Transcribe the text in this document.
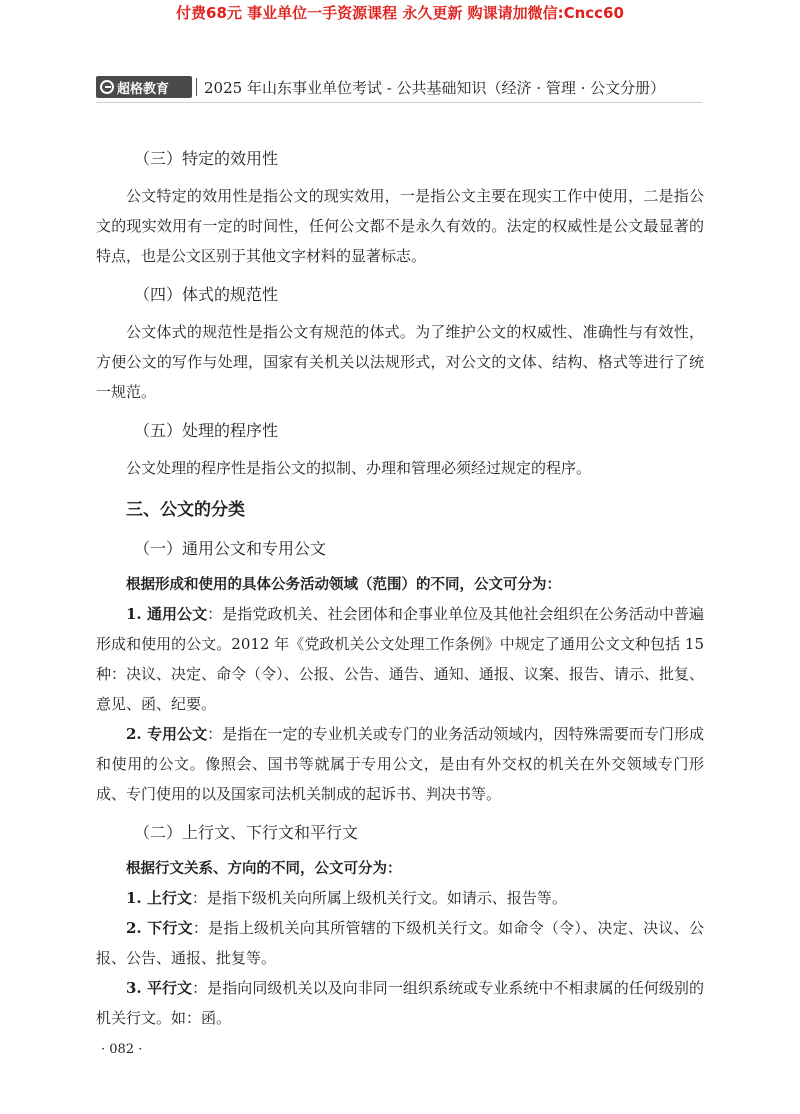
付费68元 事业单位一手资源课程 永久更新 购课请加微信:Cncc60
超格教育 2025 年山东事业单位考试 - 公共基础知识（经济 · 管理 · 公文分册）

（三）特定的效用性

公文特定的效用性是指公文的现实效用，一是指公文主要在现实工作中使用，二是指公文的现实效用有一定的时间性，任何公文都不是永久有效的。法定的权威性是公文最显著的特点，也是公文区别于其他文字材料的显著标志。

（四）体式的规范性

公文体式的规范性是指公文有规范的体式。为了维护公文的权威性、准确性与有效性，方便公文的写作与处理，国家有关机关以法规形式，对公文的文体、结构、格式等进行了统一规范。

（五）处理的程序性

公文处理的程序性是指公文的拟制、办理和管理必须经过规定的程序。

三、公文的分类

（一）通用公文和专用公文

根据形成和使用的具体公务活动领域（范围）的不同，公文可分为：

1. 通用公文：是指党政机关、社会团体和企事业单位及其他社会组织在公务活动中普遍形成和使用的公文。2012 年《党政机关公文处理工作条例》中规定了通用公文文种包括 15 种：决议、决定、命令（令）、公报、公告、通告、通知、通报、议案、报告、请示、批复、意见、函、纪要。

2. 专用公文：是指在一定的专业机关或专门的业务活动领域内，因特殊需要而专门形成和使用的公文。像照会、国书等就属于专用公文，是由有外交权的机关在外交领域专门形成、专门使用的以及国家司法机关制成的起诉书、判决书等。

（二）上行文、下行文和平行文

根据行文关系、方向的不同，公文可分为：

1. 上行文：是指下级机关向所属上级机关行文。如请示、报告等。

2. 下行文：是指上级机关向其所管辖的下级机关行文。如命令（令）、决定、决议、公报、公告、通报、批复等。

3. 平行文：是指向同级机关以及向非同一组织系统或专业系统中不相隶属的任何级别的机关行文。如：函。

· 082 ·
